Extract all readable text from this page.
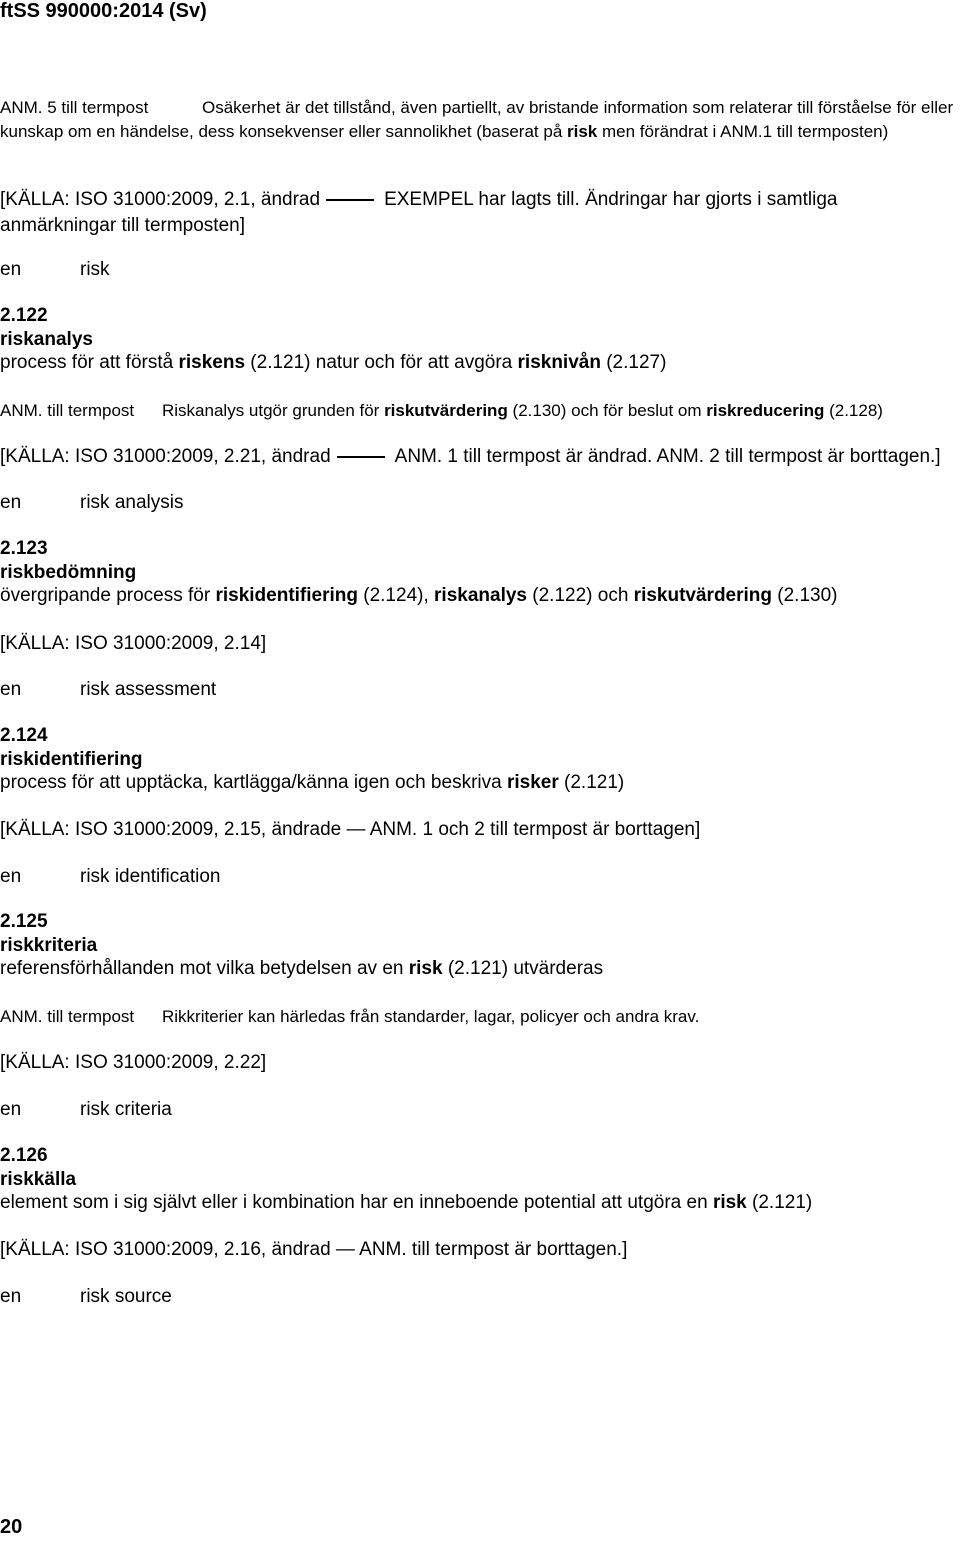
ftSS 990000:2014 (Sv)
ANM. 5 till termpost	Osäkerhet är det tillstånd, även partiellt, av bristande information som relaterar till förståelse för eller kunskap om en händelse, dess konsekvenser eller sannolikhet (baserat på risk men förändrat i ANM.1 till termposten)
[KÄLLA: ISO 31000:2009, 2.1, ändrad	EXEMPEL har lagts till. Ändringar har gjorts i samtliga anmärkningar till termposten]
en	risk
2.122
riskanalys
process för att förstå riskens (2.121) natur och för att avgöra risknivån (2.127)
ANM. till termpost Riskanalys utgör grunden för riskutvärdering (2.130) och för beslut om riskreducering (2.128)
[KÄLLA: ISO 31000:2009, 2.21, ändrad	ANM. 1 till termpost är ändrad. ANM. 2 till termpost är borttagen.]
en	risk analysis
2.123
riskbedömning
övergripande process för riskidentifiering (2.124), riskanalys (2.122) och riskutvärdering (2.130)
[KÄLLA: ISO 31000:2009, 2.14]
en	risk assessment
2.124
riskidentifiering
process för att upptäcka, kartlägga/känna igen och beskriva risker (2.121)
[KÄLLA: ISO 31000:2009, 2.15, ändrade — ANM. 1 och 2 till termpost är borttagen]
en	risk identification
2.125
riskkriteria
referensförhållanden mot vilka betydelsen av en risk (2.121) utvärderas
ANM. till termpost Rikkriterier kan härledas från standarder, lagar, policyer och andra krav.
[KÄLLA: ISO 31000:2009, 2.22]
en	risk criteria
2.126
riskkälla
element som i sig självt eller i kombination har en inneboende potential att utgöra en risk (2.121)
[KÄLLA: ISO 31000:2009, 2.16, ändrad — ANM. till termpost är borttagen.]
en	risk source
20
